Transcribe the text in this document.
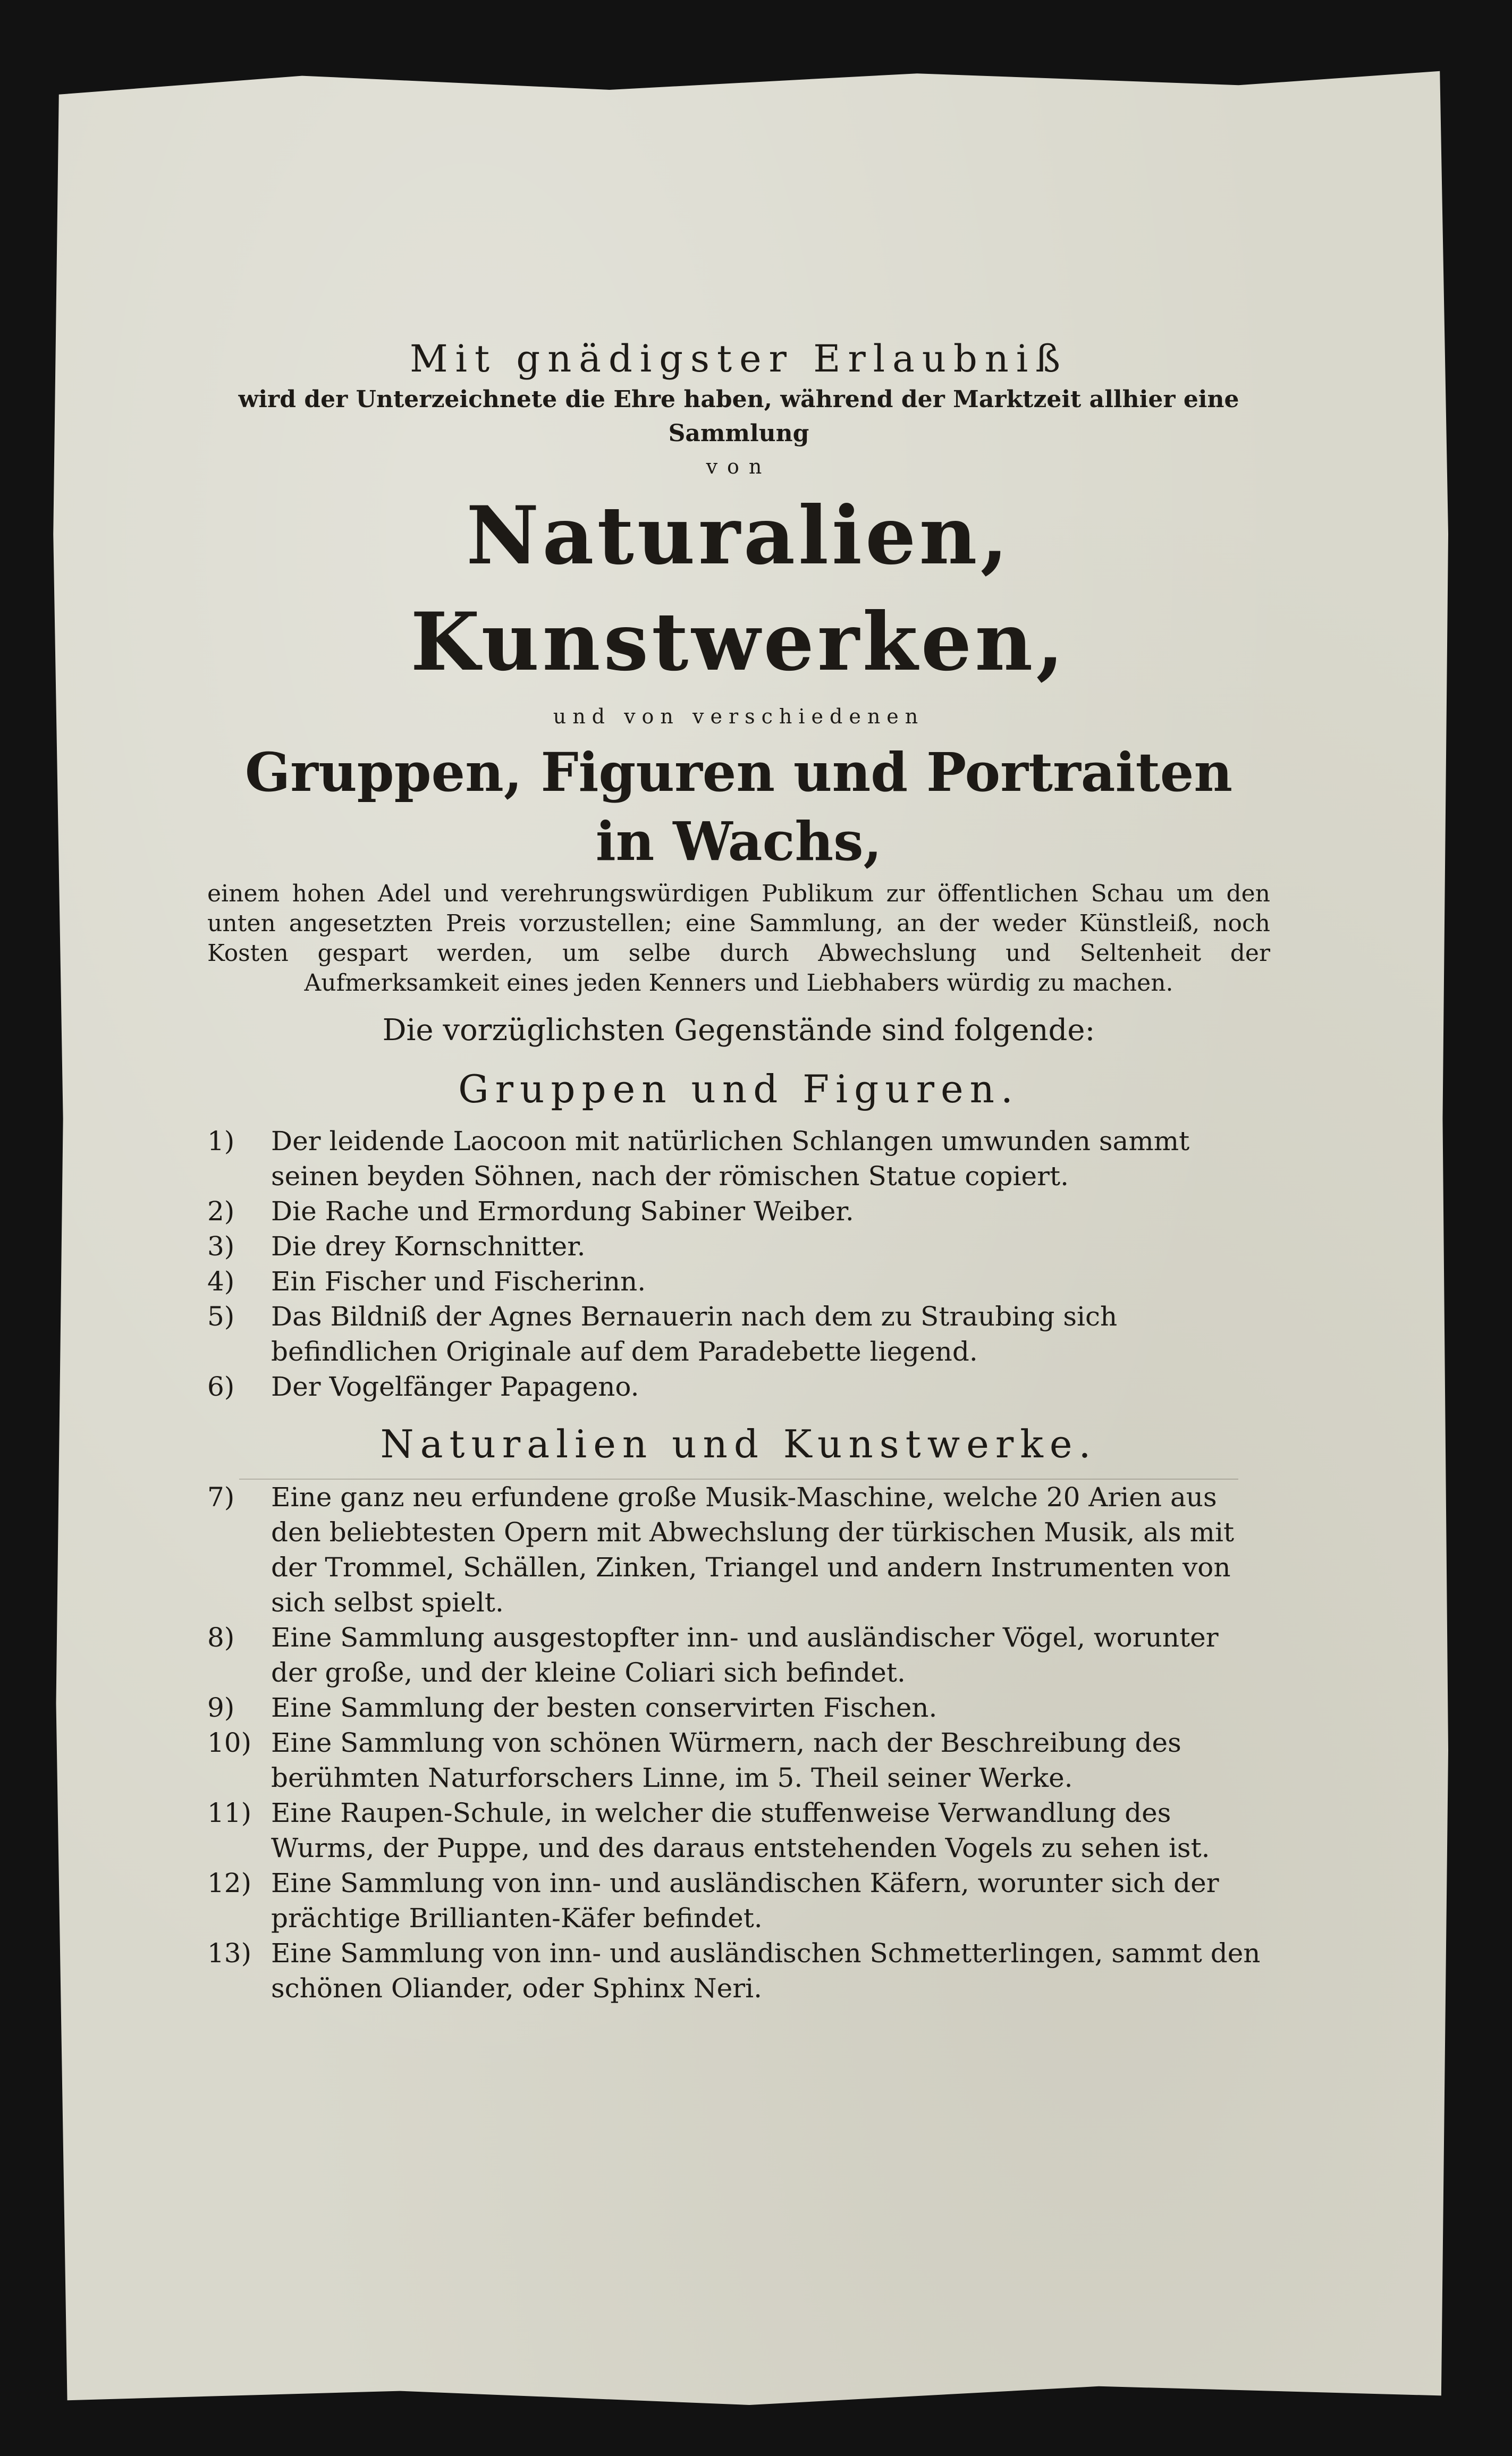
Mit gnädigster Erlaubniß

wird der Unterzeichnete die Ehre haben, während der Marktzeit allhier eine Sammlung

von

Naturalien, Kunstwerken,

und von verschiedenen

Gruppen, Figuren und Portraiten in Wachs,

einem hohen Adel und verehrungswürdigen Publikum zur öffentlichen Schau um den unten angesetzten Preis vorzustellen; eine Sammlung, an der weder Künstleiß, noch Kosten gespart werden, um selbe durch Abwechslung und Seltenheit der Aufmerksamkeit eines jeden Kenners und Liebhabers würdig zu machen.

Die vorzüglichsten Gegenstände sind folgende:

Gruppen und Figuren.

1)	Der leidende Laocoon mit natürlichen Schlangen umwunden sammt seinen beyden Söhnen, nach der römischen Statue copiert.
2)	Die Rache und Ermordung Sabiner Weiber.
3)	Die drey Kornschnitter.
4)	Ein Fischer und Fischerinn.
5)	Das Bildniß der Agnes Bernauerin nach dem zu Straubing sich befindlichen Originale auf dem Paradebette liegend.
6)	Der Vogelfänger Papageno.

Naturalien und Kunstwerke.

7)	Eine ganz neu erfundene große Musik-Maschine, welche 20 Arien aus den beliebtesten Opern mit Abwechslung der türkischen Musik, als mit der Trommel, Schällen, Zinken, Triangel und andern Instrumenten von sich selbst spielt.
8)	Eine Sammlung ausgestopfter inn- und ausländischer Vögel, worunter der große, und der kleine Coliari sich befindet.
9)	Eine Sammlung der besten conservirten Fischen.
10) Eine Sammlung von schönen Würmern, nach der Beschreibung des berühmten Naturforschers Linne, im 5. Theil seiner Werke.
11) Eine Raupen-Schule, in welcher die stuffenweise Verwandlung des Wurms, der Puppe, und des daraus entstehenden Vogels zu sehen ist.
12) Eine Sammlung von inn- und ausländischen Käfern, worunter sich der prächtige Brillianten-Käfer befindet.
13) Eine Sammlung von inn- und ausländischen Schmetterlingen, sammt den schönen Oliander, oder Sphinx Neri.
